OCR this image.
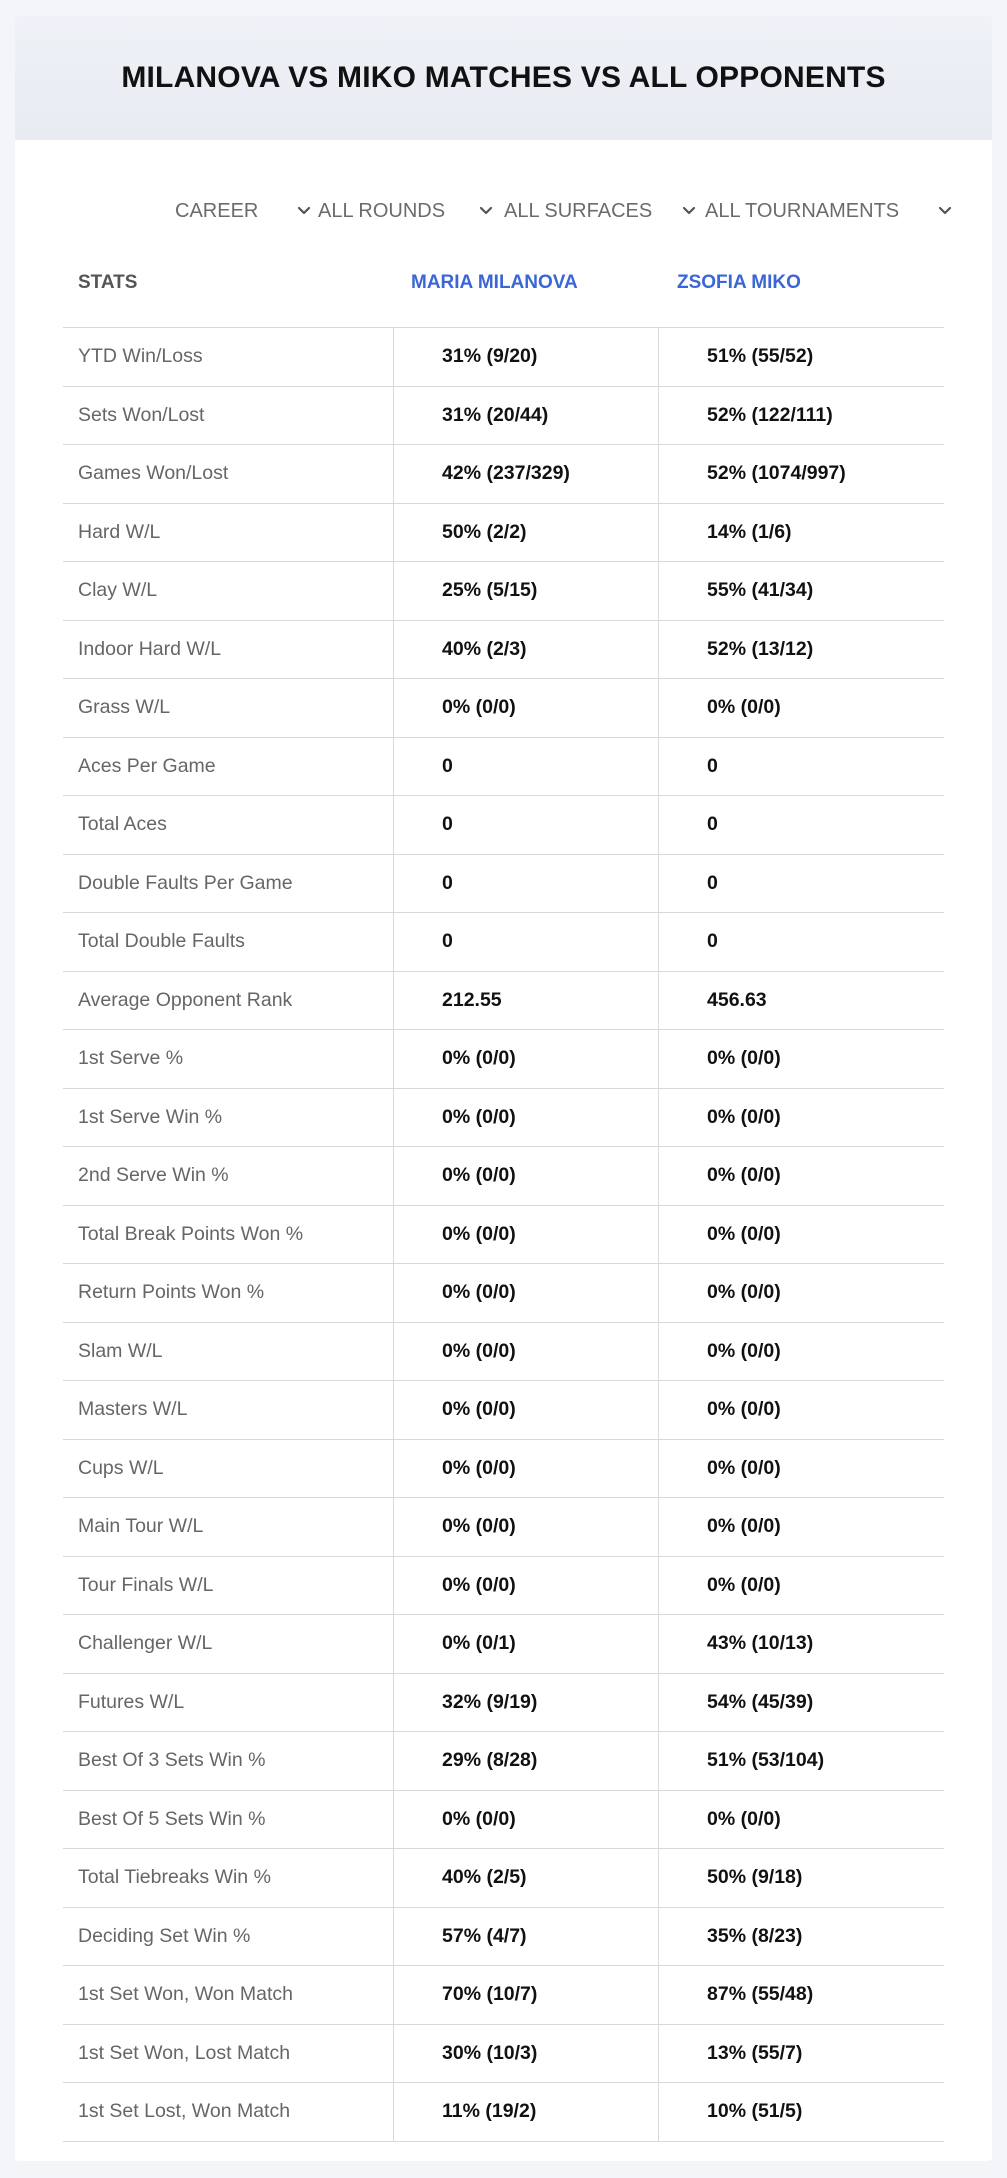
MILANOVA VS MIKO MATCHES VS ALL OPPONENTS
CAREER	ALL ROUNDS	ALL SURFACES	ALL TOURNAMENTS
STATS	MARIA MILANOVA	ZSOFIA MIKO
YTD Win/Loss	31% (9/20)	51% (55/52)
Sets Won/Lost	31% (20/44)	52% (122/111)
Games Won/Lost	42% (237/329)	52% (1074/997)
Hard W/L	50% (2/2)	14% (1/6)
Clay W/L	25% (5/15)	55% (41/34)
Indoor Hard W/L	40% (2/3)	52% (13/12)
Grass W/L	0% (0/0)	0% (0/0)
Aces Per Game	0	0
Total Aces	0	0
Double Faults Per Game	0	0
Total Double Faults	0	0
Average Opponent Rank	212.55	456.63
1st Serve %	0% (0/0)	0% (0/0)
1st Serve Win %	0% (0/0)	0% (0/0)
2nd Serve Win %	0% (0/0)	0% (0/0)
Total Break Points Won %	0% (0/0)	0% (0/0)
Return Points Won %	0% (0/0)	0% (0/0)
Slam W/L	0% (0/0)	0% (0/0)
Masters W/L	0% (0/0)	0% (0/0)
Cups W/L	0% (0/0)	0% (0/0)
Main Tour W/L	0% (0/0)	0% (0/0)
Tour Finals W/L	0% (0/0)	0% (0/0)
Challenger W/L	0% (0/1)	43% (10/13)
Futures W/L	32% (9/19)	54% (45/39)
Best Of 3 Sets Win %	29% (8/28)	51% (53/104)
Best Of 5 Sets Win %	0% (0/0)	0% (0/0)
Total Tiebreaks Win %	40% (2/5)	50% (9/18)
Deciding Set Win %	57% (4/7)	35% (8/23)
1st Set Won, Won Match	70% (10/7)	87% (55/48)
1st Set Won, Lost Match	30% (10/3)	13% (55/7)
1st Set Lost, Won Match	11% (19/2)	10% (51/5)
